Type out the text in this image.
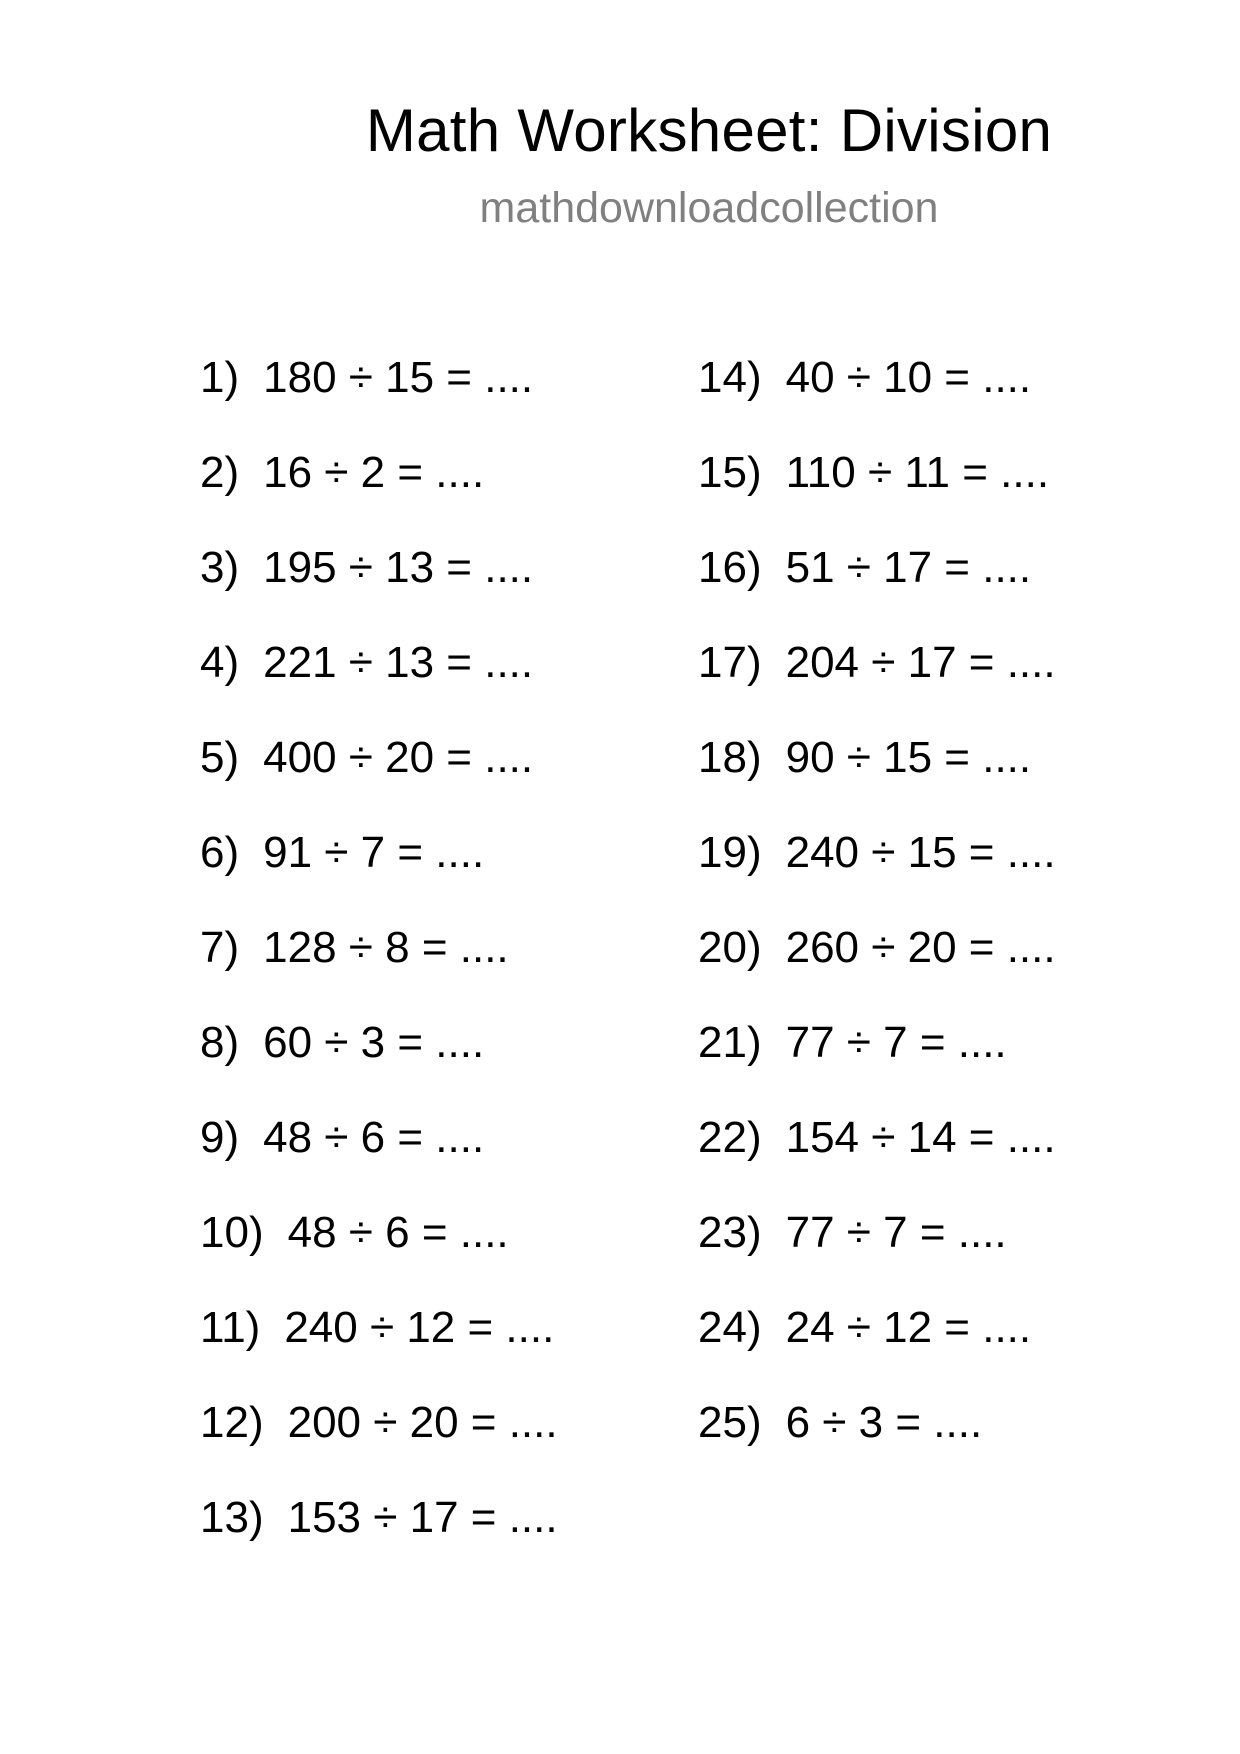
Math Worksheet: Division
mathdownloadcollection
1) 180 ÷ 15 = ....
2) 16 ÷ 2 = ....
3) 195 ÷ 13 = ....
4) 221 ÷ 13 = ....
5) 400 ÷ 20 = ....
6) 91 ÷ 7 = ....
7) 128 ÷ 8 = ....
8) 60 ÷ 3 = ....
9) 48 ÷ 6 = ....
10) 48 ÷ 6 = ....
11) 240 ÷ 12 = ....
12) 200 ÷ 20 = ....
13) 153 ÷ 17 = ....
14) 40 ÷ 10 = ....
15) 110 ÷ 11 = ....
16) 51 ÷ 17 = ....
17) 204 ÷ 17 = ....
18) 90 ÷ 15 = ....
19) 240 ÷ 15 = ....
20) 260 ÷ 20 = ....
21) 77 ÷ 7 = ....
22) 154 ÷ 14 = ....
23) 77 ÷ 7 = ....
24) 24 ÷ 12 = ....
25) 6 ÷ 3 = ....
